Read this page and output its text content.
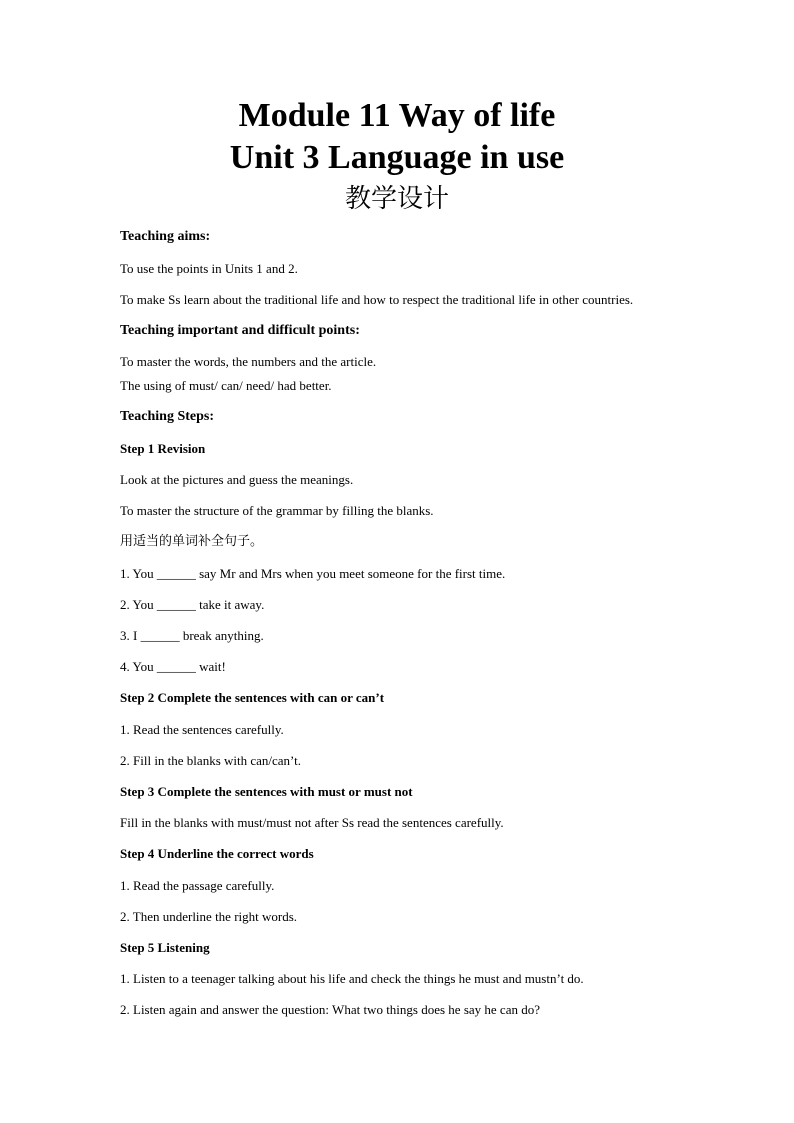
Module 11 Way of life
Unit 3 Language in use
教学设计
Teaching aims:
To use the points in Units 1 and 2.
To make Ss learn about the traditional life and how to respect the traditional life in other countries.
Teaching important and difficult points:
To master the words, the numbers and the article.
The using of must/ can/ need/ had better.
Teaching Steps:
Step 1 Revision
Look at the pictures and guess the meanings.
To master the structure of the grammar by filling the blanks.
用适当的单词补全句子。
1. You ______ say Mr and Mrs when you meet someone for the first time.
2. You ______ take it away.
3. I ______ break anything.
4. You ______ wait!
Step 2 Complete the sentences with can or can’t
1. Read the sentences carefully.
2. Fill in the blanks with can/can’t.
Step 3 Complete the sentences with must or must not
Fill in the blanks with must/must not after Ss read the sentences carefully.
Step 4 Underline the correct words
1. Read the passage carefully.
2. Then underline the right words.
Step 5 Listening
1. Listen to a teenager talking about his life and check the things he must and mustn’t do.
2. Listen again and answer the question: What two things does he say he can do?
